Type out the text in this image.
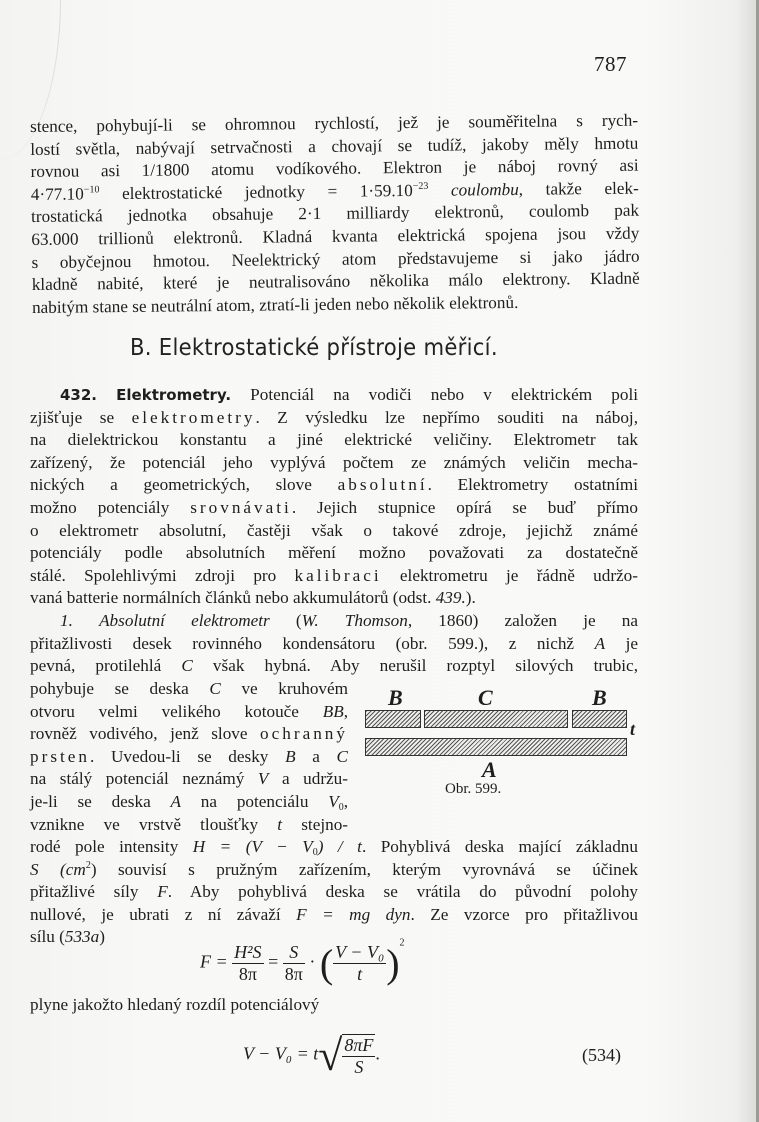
787
stence, pohybují-li se ohromnou rychlostí, jež je souměřitelna s rych-
lostí světla, nabývají setrvačnosti a chovají se tudíž, jakoby měly hmotu
rovnou asi 1/1800 atomu vodíkového. Elektron je náboj rovný asi
$4\cdot 77.10^{-10}$ elektrostatické jednotky = $1\cdot 59.10^{-23}$ coulombu, takže elek-
trostatická jednotka obsahuje 2·1 milliardy elektronů, coulomb pak
63.000 trillionů elektronů. Kladná kvanta elektrická spojena jsou vždy
s obyčejnou hmotou. Neelektrický atom představujeme si jako jádro
kladně nabité, které je neutralisováno několika málo elektrony. Kladně
nabitým stane se neutrální atom, ztratí-li jeden nebo několik elektronů.
B. Elektrostatické přístroje měřicí.
432. Elektrometry. Potenciál na vodiči nebo v elektrickém poli
zjišťuje se elektrometry. Z výsledku lze nepřímo souditi na náboj,
na dielektrickou konstantu a jiné elektrické veličiny. Elektrometr tak
zařízený, že potenciál jeho vyplývá počtem ze známých veličin mecha-
nických a geometrických, slove absolutní. Elektrometry ostatními
možno potenciály srovnávati. Jejich stupnice opírá se buď přímo
o elektrometr absolutní, častěji však o takové zdroje, jejichž známé
potenciály podle absolutních měření možno považovati za dostatečně
stálé. Spolehlivými zdroji pro kalibraci elektrometru je řádně udržo-
vaná batterie normálních článků nebo akkumulátorů (odst. 439.).
1. Absolutní elektrometr (W. Thomson, 1860) založen je na
přitažlivosti desek rovinného kondensátoru (obr. 599.), z nichž A je
pevná, protilehlá C však hybná. Aby nerušil rozptyl silových trubic,
pohybuje se deska C ve kruhovém
otvoru velmi velikého kotouče BB,
rovněž vodivého, jenž slove ochranný
prsten. Uvedou-li se desky B a C
na stálý potenciál neznámý V a udržu-
je-li se deska A na potenciálu $V_0$,
vznikne ve vrstvě tloušťky t stejno-
B	C	B
t
A
Obr. 599.
rodé pole intensity $H = (V - V_0) / t$. Pohyblivá deska mající základnu
S $(cm^2)$ souvisí s pružným zařízením, kterým vyrovnává se účinek
přitažlivé síly F. Aby pohyblivá deska se vrátila do původní polohy
nullové, je ubrati z ní závaží F = mg dyn. Ze vzorce pro přitažlivou
sílu (533a)
$F = \frac{\text{H²S}}{8\pi} = \frac{S}{8\pi}$ · ( $\frac{\text{V − V₀}}{t} )^2$
plyne jakožto hledaný rozdíl potenciálový
$V - V_0 = t√ \frac{8\pi F}{S}$ .	(534)
